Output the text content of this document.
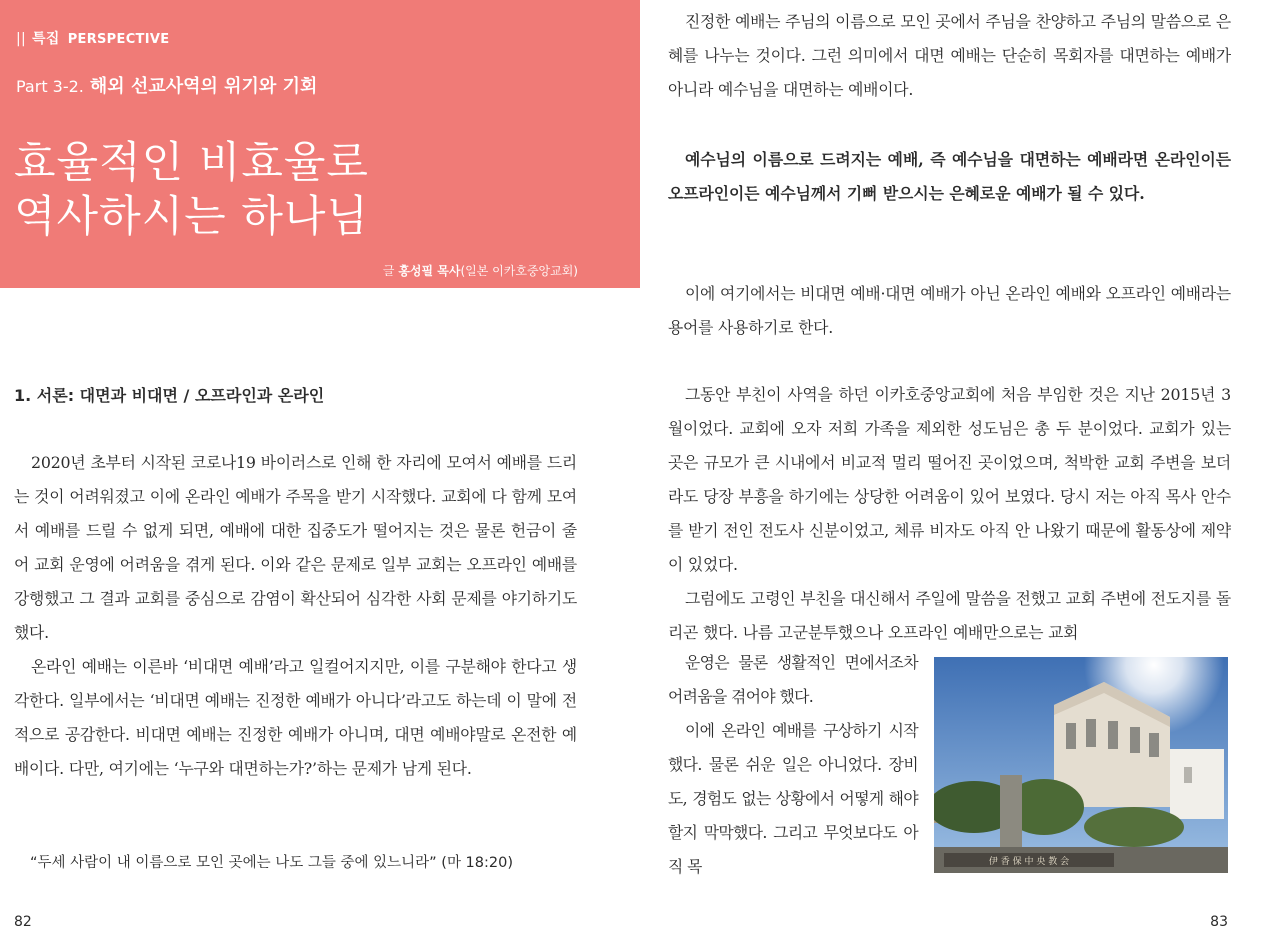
|| 특집 PERSPECTIVE
Part 3-2. 해외 선교사역의 위기와 기회
효율적인 비효율로
역사하시는 하나님
글 홍성필 목사(일본 이카호중앙교회)
1. 서론: 대면과 비대면 / 오프라인과 온라인

2020년 초부터 시작된 코로나19 바이러스로 인해 한 자리에 모여서 예배를 드리는 것이 어려워졌고 이에 온라인 예배가 주목을 받기 시작했다. 교회에 다 함께 모여서 예배를 드릴 수 없게 되면, 예배에 대한 집중도가 떨어지는 것은 물론 헌금이 줄어 교회 운영에 어려움을 겪게 된다. 이와 같은 문제로 일부 교회는 오프라인 예배를 강행했고 그 결과 교회를 중심으로 감염이 확산되어 심각한 사회 문제를 야기하기도 했다.

온라인 예배는 이른바 ‘비대면 예배’라고 일컬어지지만, 이를 구분해야 한다고 생각한다. 일부에서는 ‘비대면 예배는 진정한 예배가 아니다’라고도 하는데 이 말에 전적으로 공감한다. 비대면 예배는 진정한 예배가 아니며, 대면 예배야말로 온전한 예배이다. 다만, 여기에는 ‘누구와 대면하는가?’하는 문제가 남게 된다.

“두세 사람이 내 이름으로 모인 곳에는 나도 그들 중에 있느니라” (마 18:20)

진정한 예배는 주님의 이름으로 모인 곳에서 주님을 찬양하고 주님의 말씀으로 은혜를 나누는 것이다. 그런 의미에서 대면 예배는 단순히 목회자를 대면하는 예배가 아니라 예수님을 대면하는 예배이다.

예수님의 이름으로 드려지는 예배, 즉 예수님을 대면하는 예배라면 온라인이든 오프라인이든 예수님께서 기뻐 받으시는 은혜로운 예배가 될 수 있다.

이에 여기에서는 비대면 예배·대면 예배가 아닌 온라인 예배와 오프라인 예배라는 용어를 사용하기로 한다.

그동안 부친이 사역을 하던 이카호중앙교회에 처음 부임한 것은 지난 2015년 3월이었다. 교회에 오자 저희 가족을 제외한 성도님은 총 두 분이었다. 교회가 있는 곳은 규모가 큰 시내에서 비교적 멀리 떨어진 곳이었으며, 척박한 교회 주변을 보더라도 당장 부흥을 하기에는 상당한 어려움이 있어 보였다. 당시 저는 아직 목사 안수를 받기 전인 전도사 신분이었고, 체류 비자도 아직 안 나왔기 때문에 활동상에 제약이 있었다.

그럼에도 고령인 부친을 대신해서 주일에 말씀을 전했고 교회 주변에 전도지를 돌리곤 했다. 나름 고군분투했으나 오프라인 예배만으로는 교회

운영은 물론 생활적인 면에서조차 어려움을 겪어야 했다.

이에 온라인 예배를 구상하기 시작했다. 물론 쉬운 일은 아니었다. 장비도, 경험도 없는 상황에서 어떻게 해야 할지 막막했다. 그리고 무엇보다도 아직 목	伊 香 保 中 央 教 会
82	83
